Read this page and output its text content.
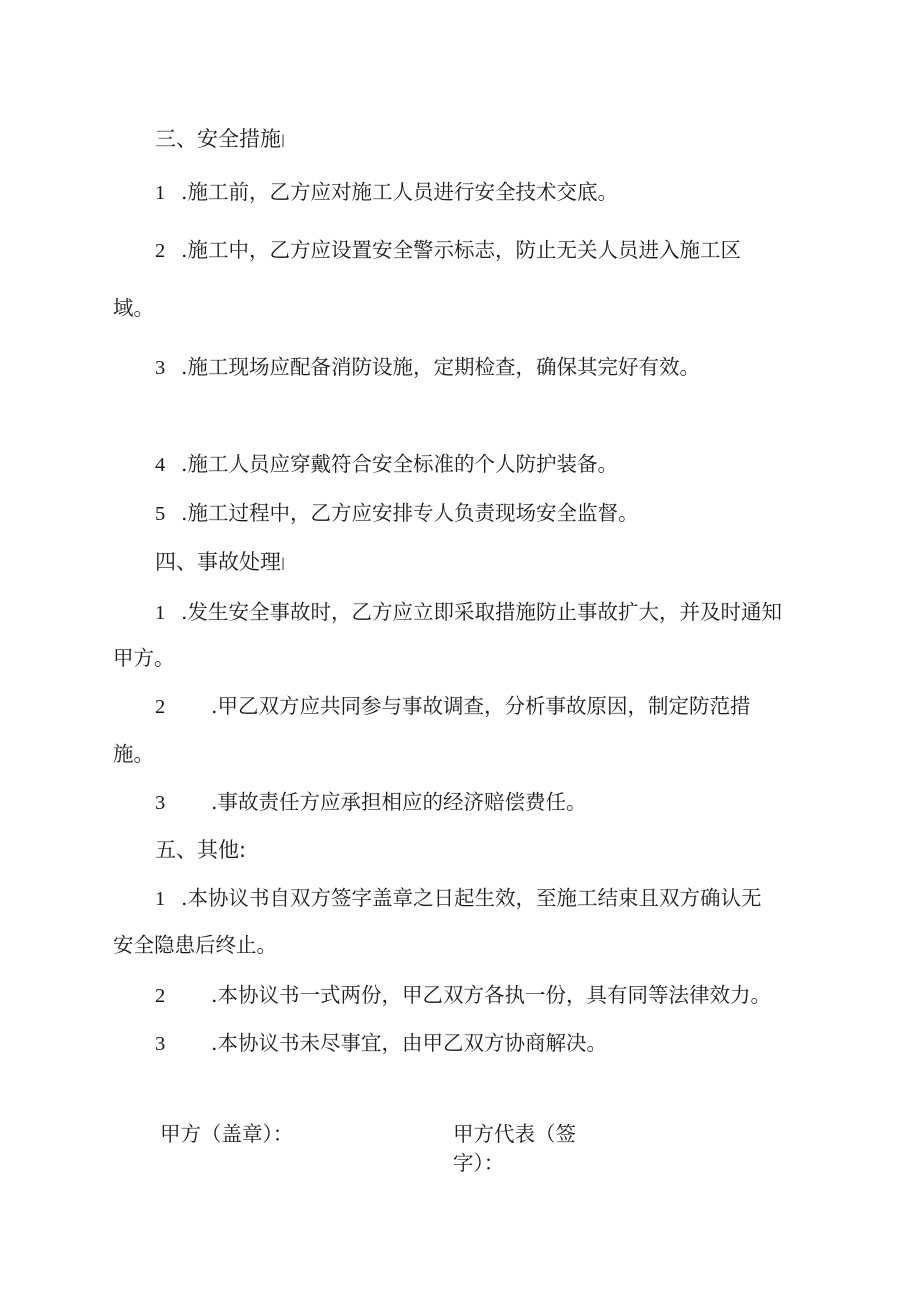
三、安全措施|
1 .施工前，乙方应对施工人员进行安全技术交底。
2 .施工中，乙方应设置安全警示标志，防止无关人员进入施工区
域。
3 .施工现场应配备消防设施，定期检查，确保其完好有效。
4 .施工人员应穿戴符合安全标准的个人防护装备。
5 .施工过程中，乙方应安排专人负责现场安全监督。
四、事故处理|
1 .发生安全事故时，乙方应立即采取措施防止事故扩大，并及时通知
甲方。
2 .甲乙双方应共同参与事故调查，分析事故原因，制定防范措
施。
3 .事故责任方应承担相应的经济赔偿费任。
五、其他:
1 .本协议书自双方签字盖章之日起生效，至施工结束且双方确认无
安全隐患后终止。
2 .本协议书一式两份，甲乙双方各执一份，具有同等法律效力。
3 .本协议书未尽事宜，由甲乙双方协商解决。
甲方（盖章）：	甲方代表（签
字）：
